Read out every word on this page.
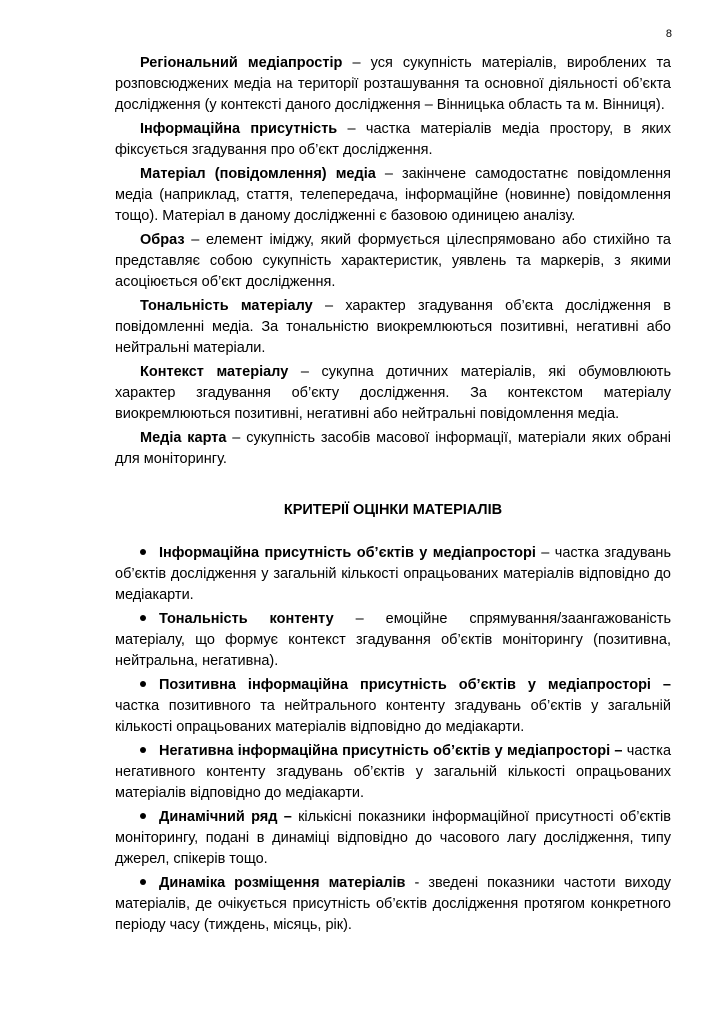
8

Регіональний медіапростір – уся сукупність матеріалів, вироблених та розповсюджених медіа на території розташування та основної діяльності об’єкта дослідження (у контексті даного дослідження – Вінницька область та м. Вінниця).

Інформаційна присутність – частка матеріалів медіа простору, в яких фіксується згадування про об’єкт дослідження.

Матеріал (повідомлення) медіа – закінчене самодостатнє повідомлення медіа (наприклад, стаття, телепередача, інформаційне (новинне) повідомлення тощо). Матеріал в даному дослідженні є базовою одиницею аналізу.

Образ – елемент іміджу, який формується цілеспрямовано або стихійно та представляє собою сукупність характеристик, уявлень та маркерів, з якими асоціюється об’єкт дослідження.

Тональність матеріалу – характер згадування об’єкта дослідження в повідомленні медіа. За тональністю виокремлюються позитивні, негативні або нейтральні матеріали.

Контекст матеріалу – сукупна дотичних матеріалів, які обумовлюють характер згадування об’єкту дослідження. За контекстом матеріалу виокремлюються позитивні, негативні або нейтральні повідомлення медіа.

Медіа карта – сукупність засобів масової інформації, матеріали яких обрані для моніторингу.

КРИТЕРІЇ ОЦІНКИ МАТЕРІАЛІВ

Інформаційна присутність об’єктів у медіапросторі – частка згадувань об’єктів дослідження у загальній кількості опрацьованих матеріалів відповідно до медіакарти.

Тональність контенту – емоційне спрямування/заангажованість матеріалу, що формує контекст згадування об’єктів моніторингу (позитивна, нейтральна, негативна).

Позитивна інформаційна присутність об’єктів у медіапросторі – частка позитивного та нейтрального контенту згадувань об’єктів у загальній кількості опрацьованих матеріалів відповідно до медіакарти.

Негативна інформаційна присутність об’єктів у медіапросторі – частка негативного контенту згадувань об’єктів у загальній кількості опрацьованих матеріалів відповідно до медіакарти.

Динамічний ряд – кількісні показники інформаційної присутності об’єктів моніторингу, подані в динаміці відповідно до часового лагу дослідження, типу джерел, спікерів тощо.

Динаміка розміщення матеріалів - зведені показники частоти виходу матеріалів, де очікується присутність об’єктів дослідження протягом конкретного періоду часу (тиждень, місяць, рік).
